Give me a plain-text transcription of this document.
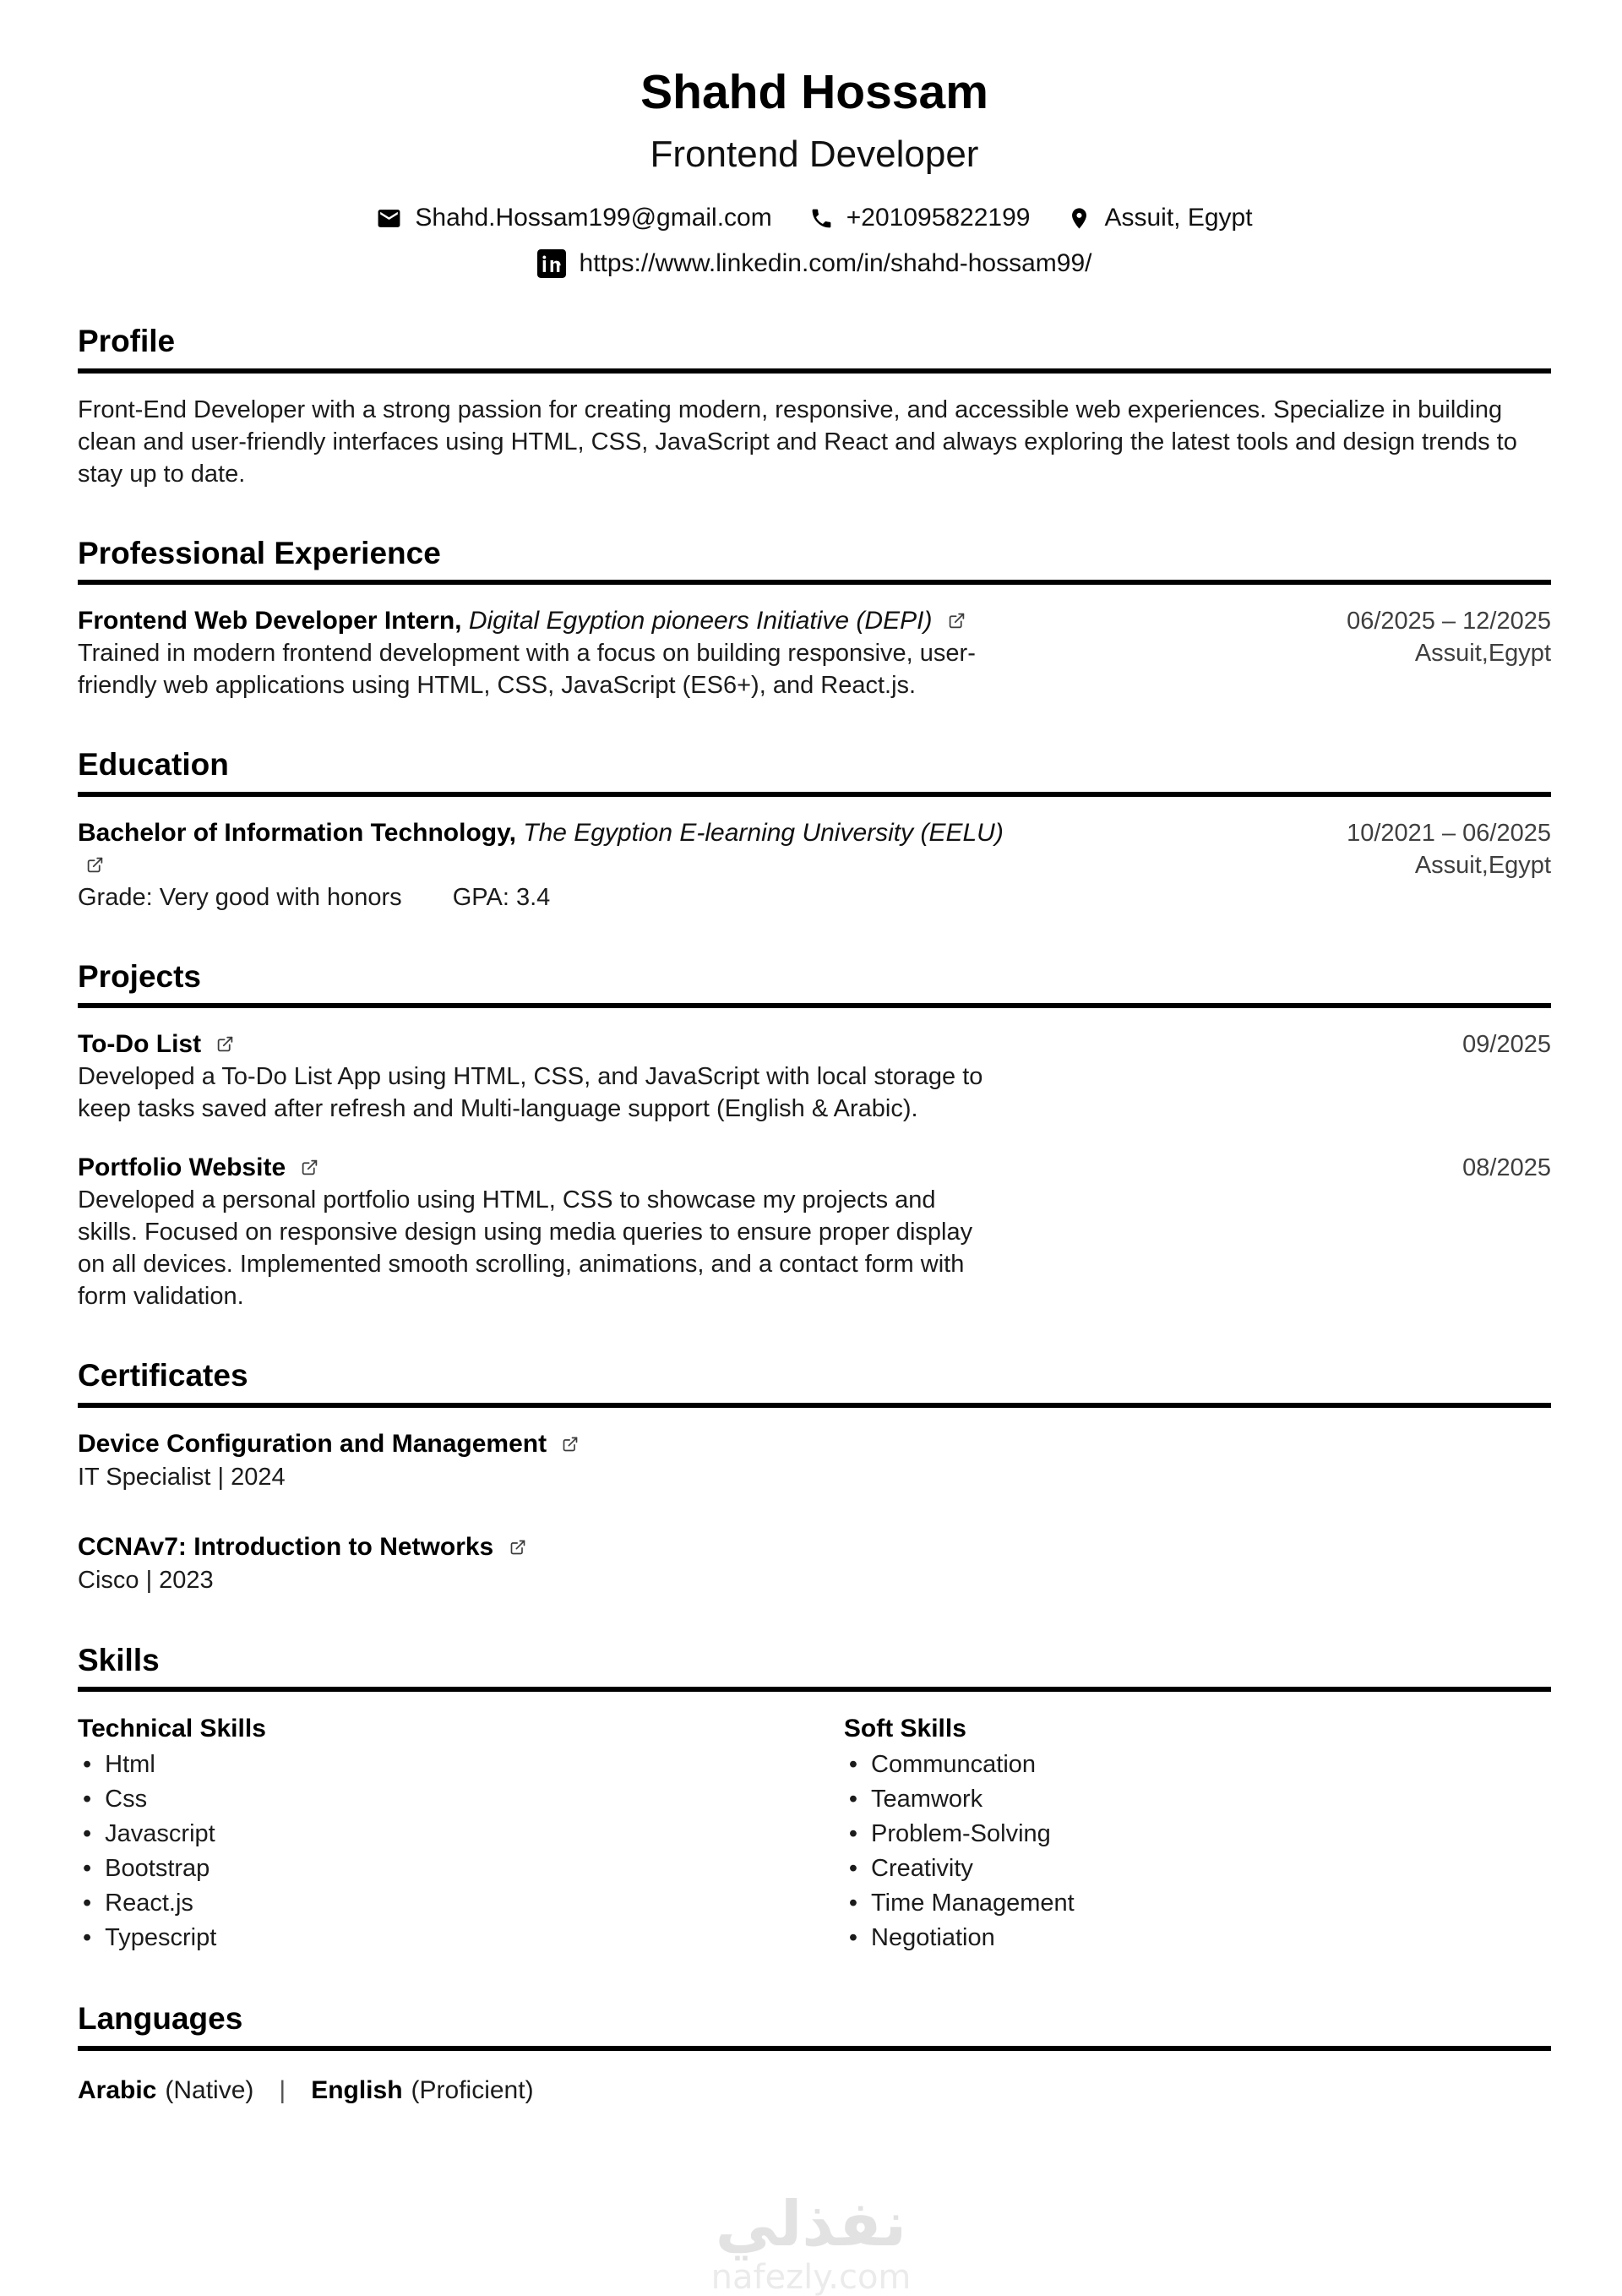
Shahd Hossam
Frontend Developer
Shahd.Hossam199@gmail.com	+201095822199	Assuit, Egypt
https://www.linkedin.com/in/shahd-hossam99/
Profile

Front-End Developer with a strong passion for creating modern, responsive, and accessible web experiences. Specialize in building clean and user-friendly interfaces using HTML, CSS, JavaScript and React and always exploring the latest tools and design trends to stay up to date.

Professional Experience
Frontend Web Developer Intern, Digital Egyption pioneers Initiative (DEPI)

Trained in modern frontend development with a focus on building responsive, user-friendly web applications using HTML, CSS, JavaScript (ES6+), and React.js.

06/2025 – 12/2025
Assuit,Egypt
Education
Bachelor of Information Technology, The Egyption E-learning University (EELU)
Grade: Very good with honors GPA: 3.4
10/2021 – 06/2025
Assuit,Egypt
Projects
To-Do List

Developed a To-Do List App using HTML, CSS, and JavaScript with local storage to keep tasks saved after refresh and Multi-language support (English & Arabic).

09/2025
Portfolio Website

Developed a personal portfolio using HTML, CSS to showcase my projects and skills. Focused on responsive design using media queries to ensure proper display on all devices. Implemented smooth scrolling, animations, and a contact form with form validation.

08/2025
Certificates
Device Configuration and Management
IT Specialist | 2024
CCNAv7: Introduction to Networks
Cisco | 2023
Skills
Technical Skills
• Html
• Css
• Javascript
• Bootstrap
• React.js
• Typescript
Soft Skills
• Communcation
• Teamwork
• Problem-Solving
• Creativity
• Time Management
• Negotiation
Languages
Arabic (Native) | English (Proficient)
نفذلي
nafezly.com
